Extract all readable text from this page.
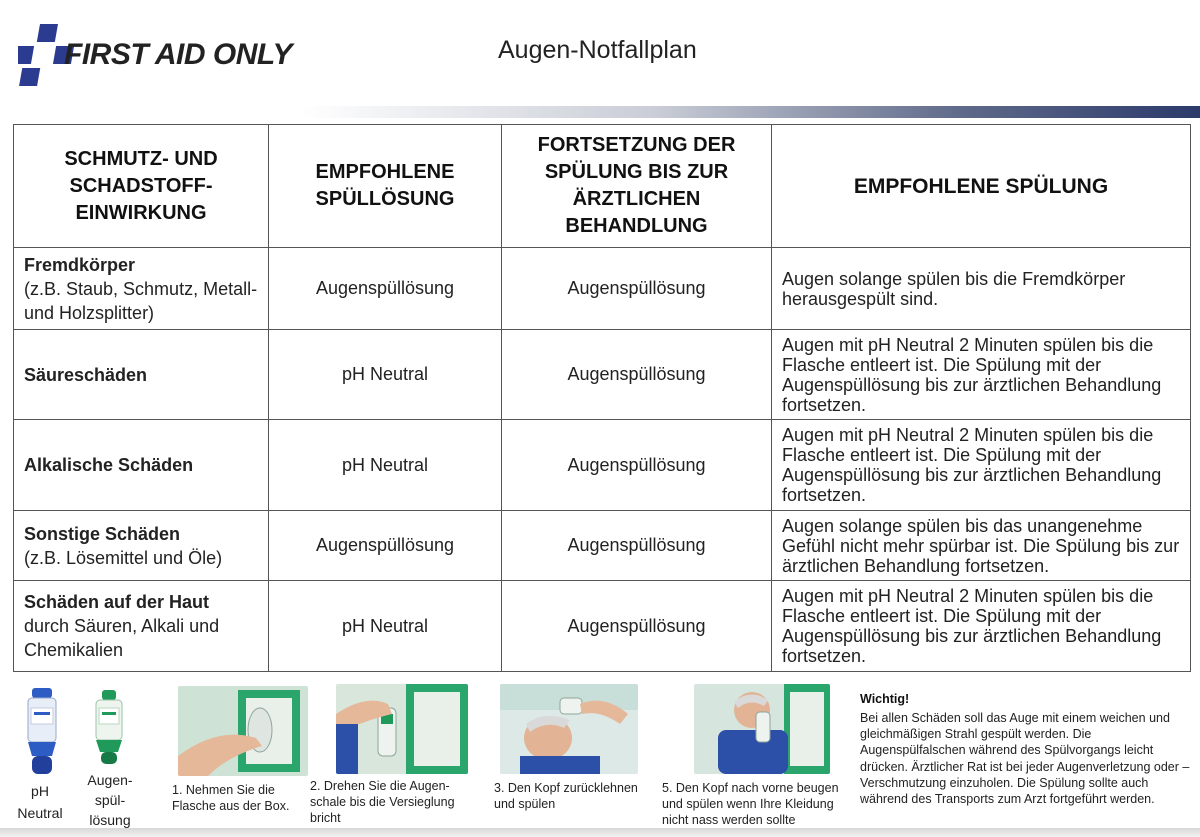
FIRST AID ONLY	Augen-Notfallplan
SCHMUTZ- UND SCHADSTOFF-EINWIRKUNG	EMPFOHLENE SPÜLLÖSUNG	FORTSETZUNG DER SPÜLUNG BIS ZUR ÄRZTLICHEN BEHANDLUNG	EMPFOHLENE SPÜLUNG

Fremdkörper
(z.B. Staub, Schmutz, Metall- und Holzsplitter)	Augenspüllösung	Augenspüllösung	Augen solange spülen bis die Fremdkörper herausgespült sind.

Säureschäden	pH Neutral	Augenspüllösung	Augen mit pH Neutral 2 Minuten spülen bis die Flasche entleert ist. Die Spülung mit der Augenspüllösung bis zur ärztlichen Behandlung fortsetzen.

Alkalische Schäden	pH Neutral	Augenspüllösung	Augen mit pH Neutral 2 Minuten spülen bis die Flasche entleert ist. Die Spülung mit der Augenspüllösung bis zur ärztlichen Behandlung fortsetzen.

Sonstige Schäden
(z.B. Lösemittel und Öle)	Augenspüllösung	Augenspüllösung	Augen solange spülen bis das unangenehme Gefühl nicht mehr spürbar ist. Die Spülung bis zur ärztlichen Behandlung fortsetzen.

Schäden auf der Haut
durch Säuren, Alkali und Chemikalien	pH Neutral	Augenspüllösung	Augen mit pH Neutral 2 Minuten spülen bis die Flasche entleert ist. Die Spülung mit der Augenspüllösung bis zur ärztlichen Behandlung fortsetzen.
pH
Neutral
Augen-
spül-
lösung
1. Nehmen Sie die Flasche aus der Box.
2. Drehen Sie die Augen-schale bis die Versieglung bricht
3. Den Kopf zurücklehnen und spülen
5. Den Kopf nach vorne beugen und spülen wenn Ihre Kleidung nicht nass werden sollte
Wichtig!
Bei allen Schäden soll das Auge mit einem weichen und gleichmäßigen Strahl gespült werden. Die Augenspülfalschen während des Spülvorgangs leicht drücken. Ärztlicher Rat ist bei jeder Augenverletzung oder –Verschmutzung einzuholen. Die Spülung sollte auch während des Transports zum Arzt fortgeführt werden.
